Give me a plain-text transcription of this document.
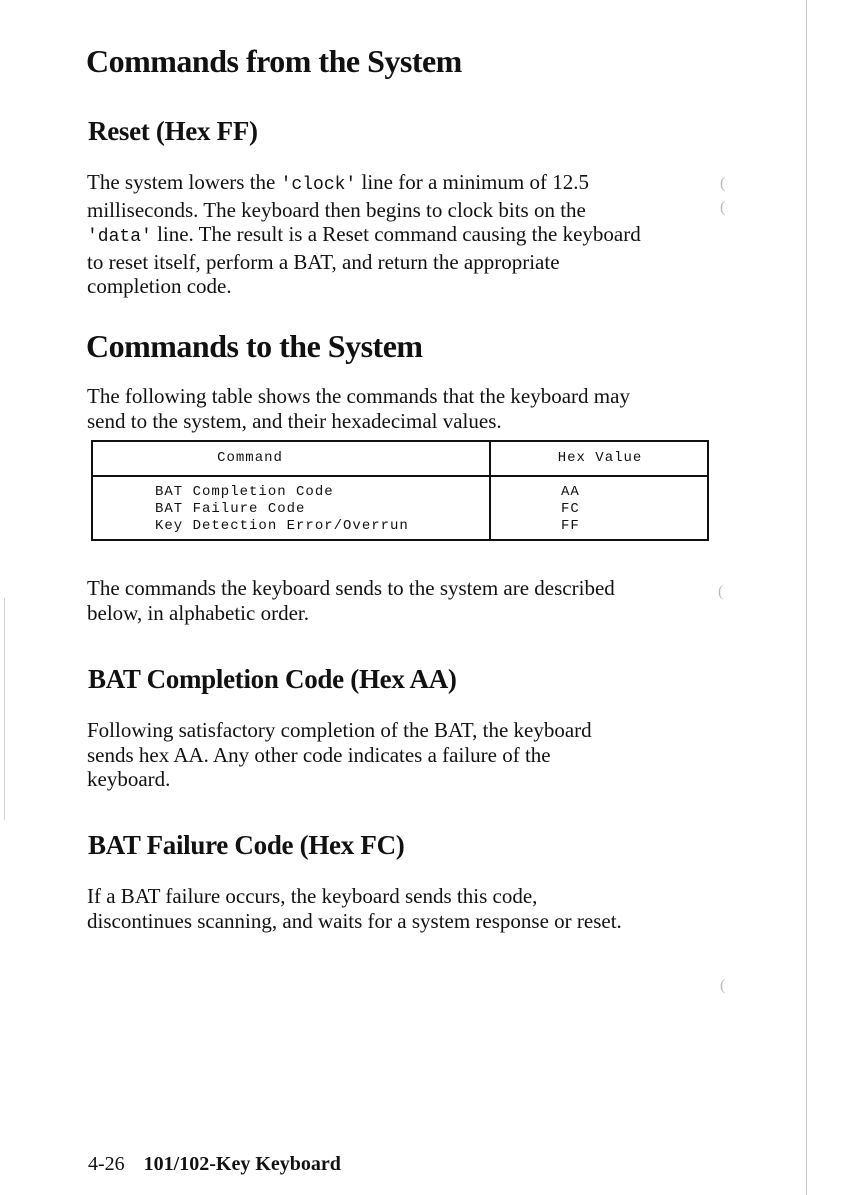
(
(
(
(
Commands from the System
Reset (Hex FF)

The system lowers the 'clock' line for a minimum of 12.5
milliseconds. The keyboard then begins to clock bits on the
'data' line. The result is a Reset command causing the keyboard
to reset itself, perform a BAT, and return the appropriate
completion code.

Commands to the System

The following table shows the commands that the keyboard may
send to the system, and their hexadecimal values.

Command	Hex Value
BAT Completion Code
BAT Failure Code
Key Detection Error/Overrun
AA
FC
FF

The commands the keyboard sends to the system are described
below, in alphabetic order.

BAT Completion Code (Hex AA)

Following satisfactory completion of the BAT, the keyboard
sends hex AA. Any other code indicates a failure of the
keyboard.

BAT Failure Code (Hex FC)

If a BAT failure occurs, the keyboard sends this code,
discontinues scanning, and waits for a system response or reset.

4-26 101/102-Key Keyboard
